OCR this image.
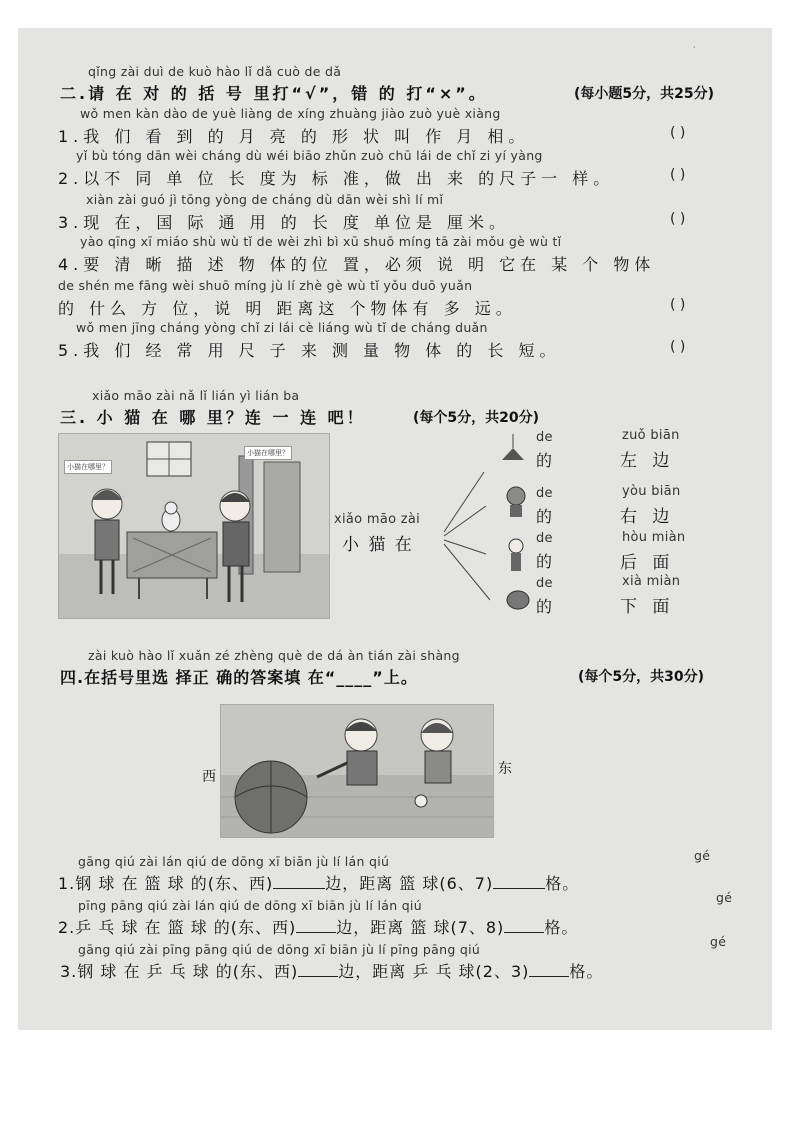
ˊ
qǐng zài duì de kuò hào lǐ dǎ cuò de dǎ
二.请 在 对 的 括 号 里打“√”，错 的 打“×”。	(每小题5分，共25分)
wǒ men kàn dào de yuè liàng de xíng zhuàng jiào zuò yuè xiàng
1.我 们 看 到 的 月 亮 的 形 状 叫 作 月 相。	( )
yǐ bù tóng dān wèi cháng dù wéi biāo zhǔn zuò chū lái de chǐ zi yí yàng
2.以不 同 单 位 长 度为 标 准，做 出 来 的尺子一 样。	( )
xiàn zài guó jì tōng yòng de cháng dù dān wèi shì lí mǐ
3.现 在，国 际 通 用 的 长 度 单位是 厘米。	( )
yào qīng xī miáo shù wù tǐ de wèi zhì bì xū shuō míng tā zài mǒu gè wù tǐ
4.要 清 晰 描 述 物 体的位 置，必须 说 明 它在 某 个 物体
de shén me fāng wèi shuō míng jù lí zhè gè wù tǐ yǒu duō yuǎn
的 什么 方 位，说 明 距离这 个物体有 多 远。	( )
wǒ men jīng cháng yòng chǐ zi lái cè liáng wù tǐ de cháng duǎn
5.我 们 经 常 用 尺 子 来 测 量 物 体 的 长 短。	( )
xiǎo māo zài nǎ lǐ lián yì lián ba
三. 小 猫 在 哪 里？连 一 连 吧！	(每个5分，共20分)
小猫在哪里？
小猫在哪里？
xiǎo māo zài
小 猫 在
de
的
zuǒ biān
左 边
de
的
yòu biān
右 边
de
的
hòu miàn
后 面
de
的
xià miàn
下 面
zài kuò hào lǐ xuǎn zé zhèng què de dá àn tián zài shàng
四.在括号里选 择正 确的答案填 在“____”上。	(每个5分，共30分)
西	东
gāng qiú zài lán qiú de dōng xī biān jù lí lán qiú	gé
1.钢 球 在 篮 球 的(东、西)	边，距离 篮 球(6、7)	格。
pīng pāng qiú zài lán qiú de dōng xī biān jù lí lán qiú
gé
2.乒 乓 球 在 篮 球 的(东、西)	边，距离 篮 球(7、8)	格。
gāng qiú zài pīng pāng qiú de dōng xī biān jù lí pīng pāng qiú
gé
3.钢 球 在 乒 乓 球 的(东、西)	边，距离 乒 乓 球(2、3)	格。
